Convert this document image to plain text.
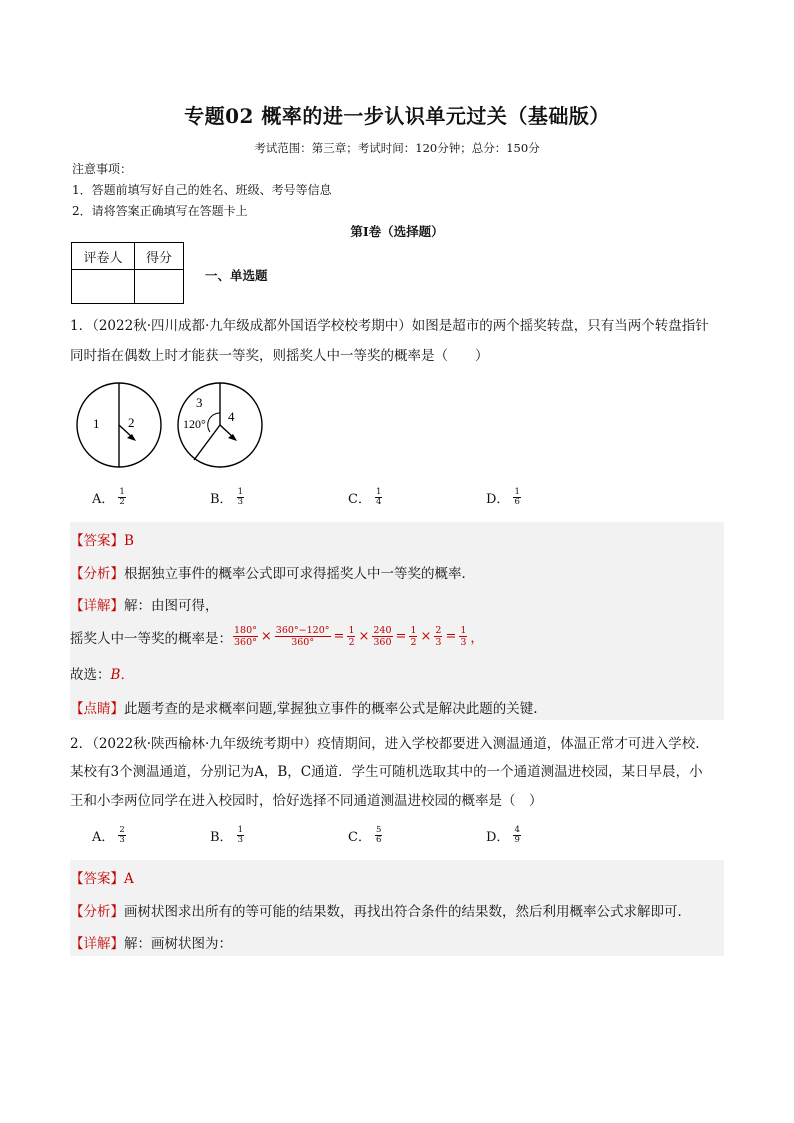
专题02 概率的进一步认识单元过关（基础版）
考试范围：第三章；考试时间：120分钟；总分：150分
注意事项：
1．答题前填写好自己的姓名、班级、考号等信息
2．请将答案正确填写在答题卡上
第I卷（选择题）
评卷人	得分

一、单选题
1．（2022秋·四川成都·九年级成都外国语学校校考期中）如图是超市的两个摇奖转盘，只有当两个转盘指针
同时指在偶数上时才能获一等奖，则摇奖人中一等奖的概率是（　　）
1 2
3
4
120°
A． $\frac{1}{2}$	B． $\frac{1}{3}$	C． $\frac{1}{4}$	D． $\frac{1}{6}$
【答案】B
【分析】根据独立事件的概率公式即可求得摇奖人中一等奖的概率．
【详解】解：由图可得，
摇奖人中一等奖的概率是： $\frac{180^\circ}{360^\circ} \times \frac{360^\circ-120^\circ}{360^\circ} = \frac{1}{2} \times \frac{240}{360} = \frac{1}{2} \times \frac{2}{3} = \frac{1}{3}$ ，
故选：B．
【点睛】此题考查的是求概率问题,掌握独立事件的概率公式是解决此题的关键.
2．（2022秋·陕西榆林·九年级统考期中）疫情期间，进入学校都要进入测温通道，体温正常才可进入学校.
某校有3个测温通道，分别记为A，B，C通道．学生可随机选取其中的一个通道测温进校园，某日早晨，小
王和小李两位同学在进入校园时，恰好选择不同通道测温进校园的概率是（　）
A． $\frac{2}{3}$	B． $\frac{1}{3}$	C． $\frac{5}{6}$	D． $\frac{4}{9}$
【答案】A
【分析】画树状图求出所有的等可能的结果数，再找出符合条件的结果数，然后利用概率公式求解即可．
【详解】解：画树状图为：
